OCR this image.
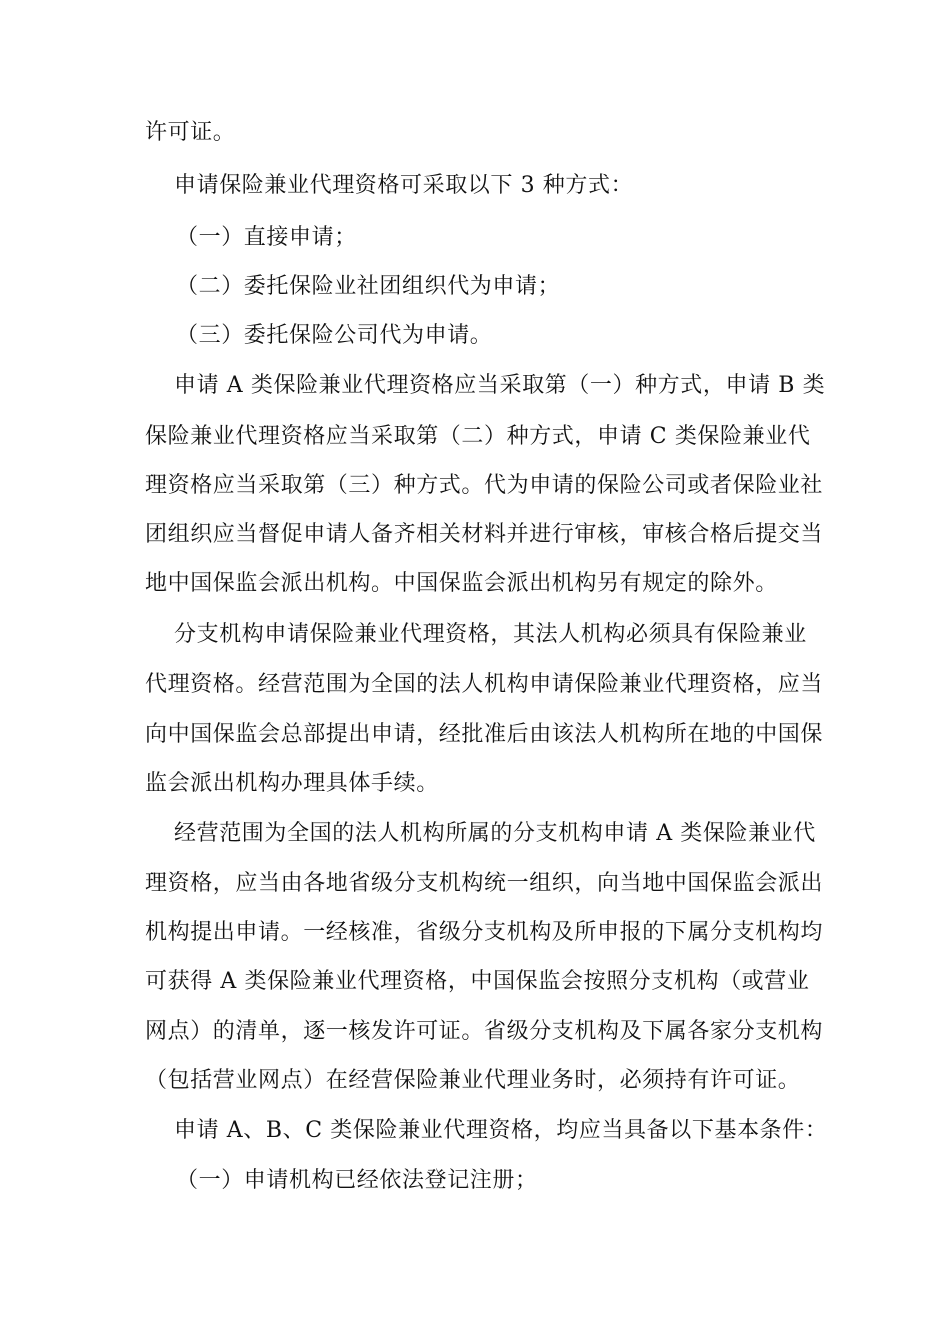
许可证。
申请保险兼业代理资格可采取以下 3 种方式：
（一）直接申请；
（二）委托保险业社团组织代为申请；
（三）委托保险公司代为申请。
申请 A 类保险兼业代理资格应当采取第（一）种方式，申请 B 类
保险兼业代理资格应当采取第（二）种方式，申请 C 类保险兼业代
理资格应当采取第（三）种方式。代为申请的保险公司或者保险业社
团组织应当督促申请人备齐相关材料并进行审核，审核合格后提交当
地中国保监会派出机构。中国保监会派出机构另有规定的除外。
分支机构申请保险兼业代理资格，其法人机构必须具有保险兼业
代理资格。经营范围为全国的法人机构申请保险兼业代理资格，应当
向中国保监会总部提出申请，经批准后由该法人机构所在地的中国保
监会派出机构办理具体手续。
经营范围为全国的法人机构所属的分支机构申请 A 类保险兼业代
理资格，应当由各地省级分支机构统一组织，向当地中国保监会派出
机构提出申请。一经核准，省级分支机构及所申报的下属分支机构均
可获得 A 类保险兼业代理资格，中国保监会按照分支机构（或营业
网点）的清单，逐一核发许可证。省级分支机构及下属各家分支机构
（包括营业网点）在经营保险兼业代理业务时，必须持有许可证。
申请 A、B、C 类保险兼业代理资格，均应当具备以下基本条件：
（一）申请机构已经依法登记注册；
